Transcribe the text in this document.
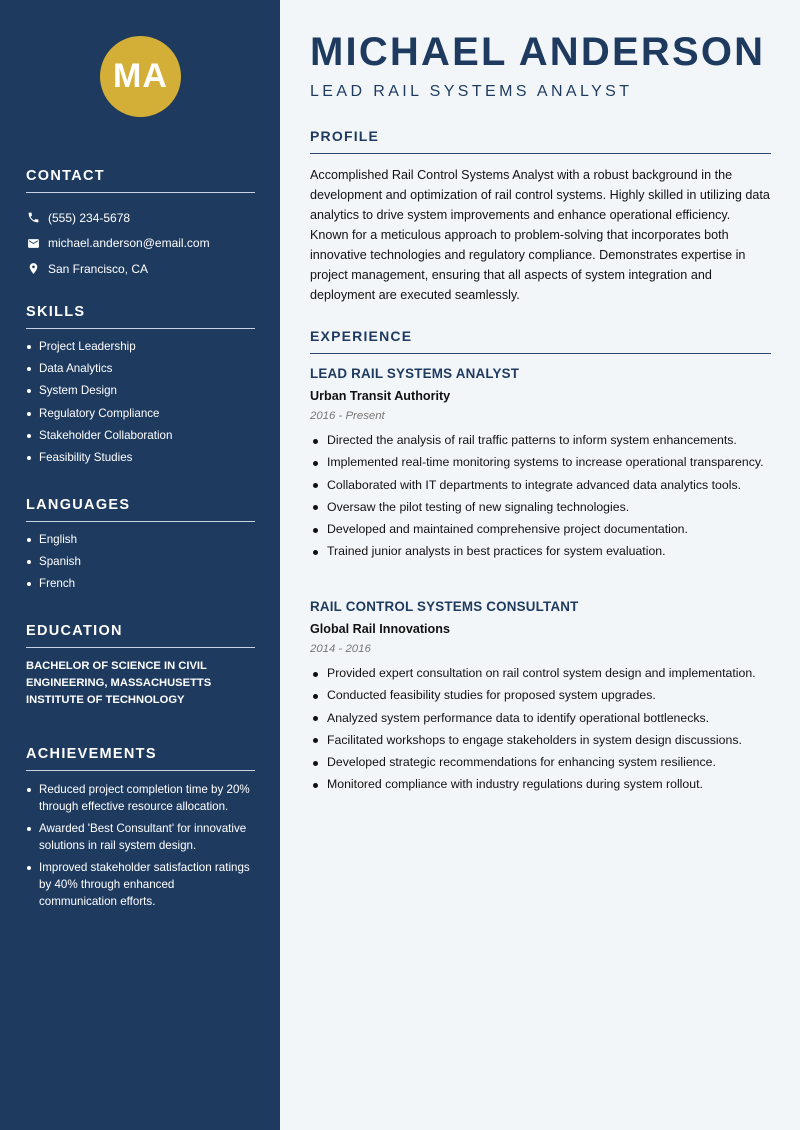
MA
CONTACT
(555) 234-5678
michael.anderson@email.com
San Francisco, CA
SKILLS
Project Leadership
Data Analytics
System Design
Regulatory Compliance
Stakeholder Collaboration
Feasibility Studies
LANGUAGES
English
Spanish
French
EDUCATION

BACHELOR OF SCIENCE IN CIVIL ENGINEERING, MASSACHUSETTS INSTITUTE OF TECHNOLOGY

ACHIEVEMENTS
Reduced project completion time by 20% through effective resource allocation.
Awarded 'Best Consultant' for innovative solutions in rail system design.
Improved stakeholder satisfaction ratings by 40% through enhanced communication efforts.
MICHAEL ANDERSON
LEAD RAIL SYSTEMS ANALYST
PROFILE

Accomplished Rail Control Systems Analyst with a robust background in the development and optimization of rail control systems. Highly skilled in utilizing data analytics to drive system improvements and enhance operational efficiency. Known for a meticulous approach to problem-solving that incorporates both innovative technologies and regulatory compliance. Demonstrates expertise in project management, ensuring that all aspects of system integration and deployment are executed seamlessly.

EXPERIENCE
LEAD RAIL SYSTEMS ANALYST
Urban Transit Authority
2016 - Present
Directed the analysis of rail traffic patterns to inform system enhancements.
Implemented real-time monitoring systems to increase operational transparency.
Collaborated with IT departments to integrate advanced data analytics tools.
Oversaw the pilot testing of new signaling technologies.
Developed and maintained comprehensive project documentation.
Trained junior analysts in best practices for system evaluation.
RAIL CONTROL SYSTEMS CONSULTANT
Global Rail Innovations
2014 - 2016
Provided expert consultation on rail control system design and implementation.
Conducted feasibility studies for proposed system upgrades.
Analyzed system performance data to identify operational bottlenecks.
Facilitated workshops to engage stakeholders in system design discussions.
Developed strategic recommendations for enhancing system resilience.
Monitored compliance with industry regulations during system rollout.
